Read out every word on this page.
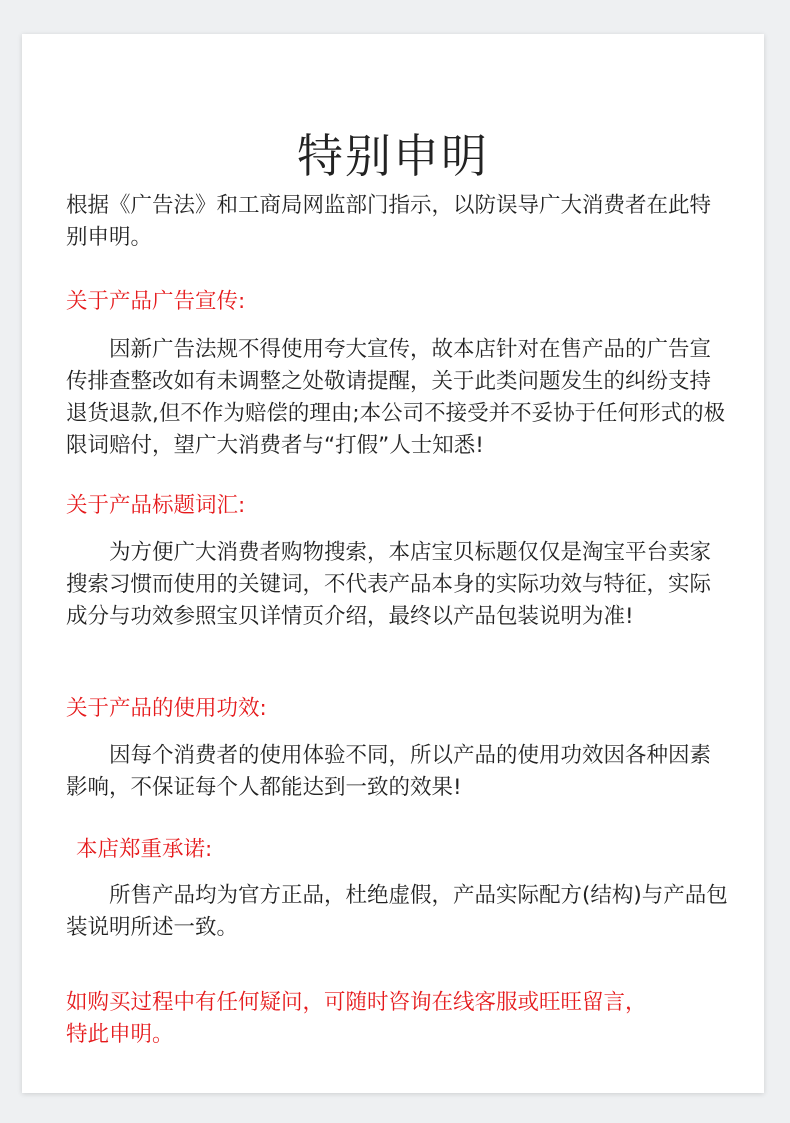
特别申明

根据《广告法》和工商局网监部门指示，以防误导广大消费者在此特别申明。

关于产品广告宣传:

因新广告法规不得使用夸大宣传，故本店针对在售产品的广告宣传排查整改如有未调整之处敬请提醒，关于此类问题发生的纠纷支持退货退款,但不作为赔偿的理由;本公司不接受并不妥协于任何形式的极限词赔付，望广大消费者与“打假”人士知悉!

关于产品标题词汇:

为方便广大消费者购物搜索，本店宝贝标题仅仅是淘宝平台卖家搜索习惯而使用的关键词，不代表产品本身的实际功效与特征，实际成分与功效参照宝贝详情页介绍，最终以产品包装说明为准!

关于产品的使用功效:

因每个消费者的使用体验不同，所以产品的使用功效因各种因素影响，不保证每个人都能达到一致的效果!

本店郑重承诺:

所售产品均为官方正品，杜绝虚假，产品实际配方(结构)与产品包装说明所述一致。

如购买过程中有任何疑问，可随时咨询在线客服或旺旺留言，特此申明。
